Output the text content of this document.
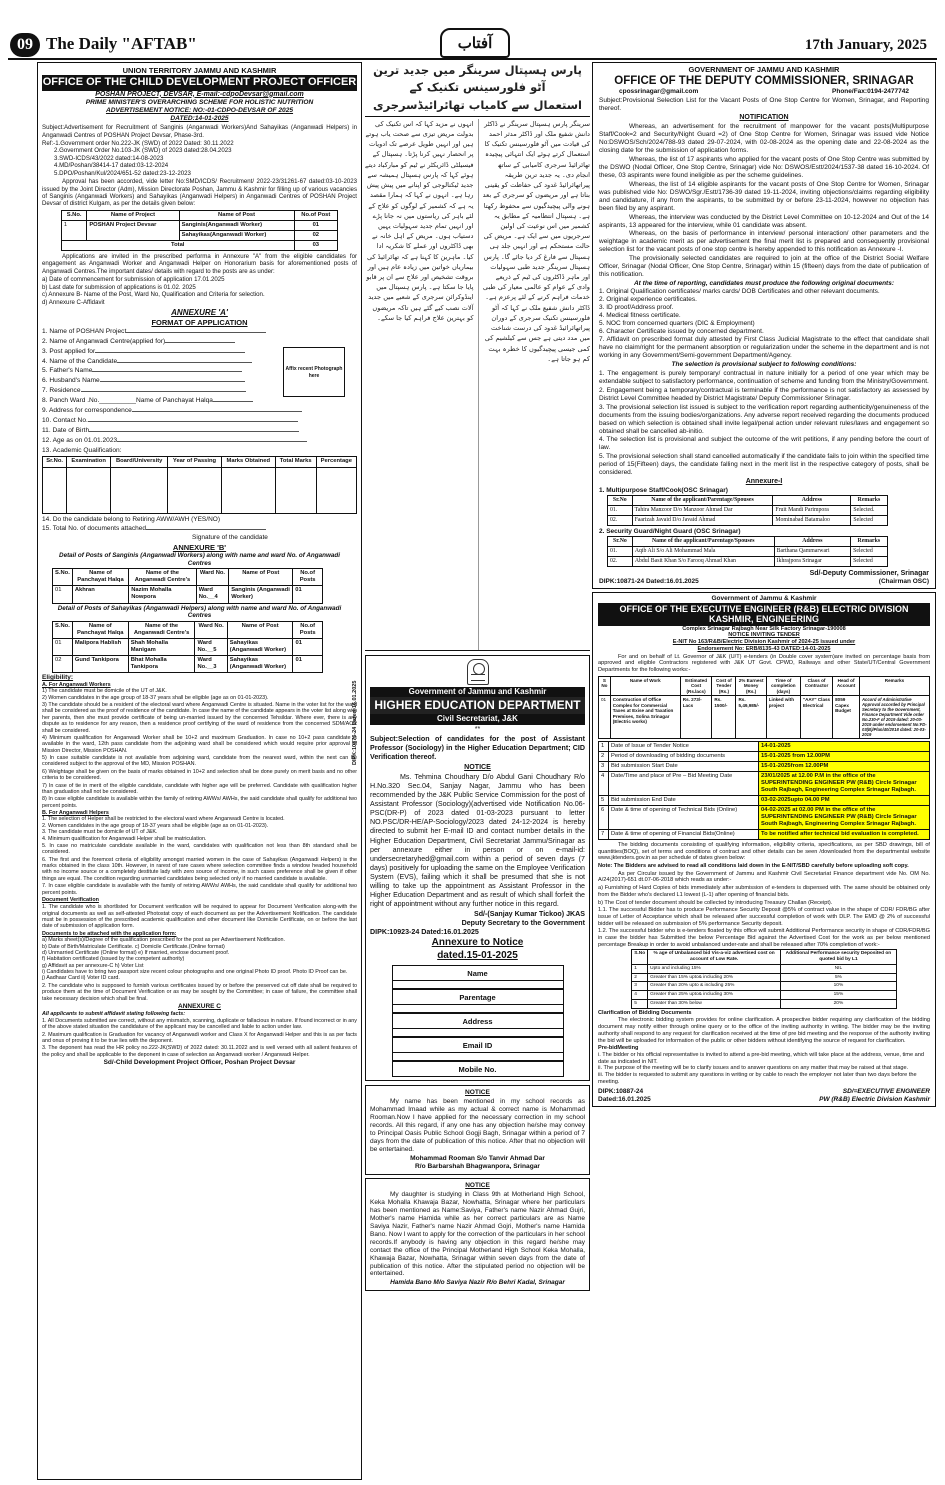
09 The Daily "AFTAB"	آفتاب	17th January, 2025
UNION TERRITORY JAMMU AND KASHMIR
OFFICE OF THE CHILD DEVELOPMENT PROJECT OFFICER
POSHAN PROJECT, DEVSAR, E-mail:-cdpoDevsar@gmail.com
PRIME MINISTER'S OVERARCHING SCHEME FOR HOLISTIC NUTRITION
ADVERTISEMENT NOTICE: NO:-01-CDPO-DEVSAR OF 2025
DATED:14-01-2025

Subject:Advertisement for Recruitment of Sanginis (Anganwadi Workers)And Sahayikas (Anganwadi Helpers) in Anganwadi Centres of POSHAN Project Devsar, Phase-3rd.

Ref:-1.Government order No.222-JK (SWD) of 2022 Dated: 30.11.2022
2.Government Order No.103-JK (SWD) of 2023 dated:28.04.2023
3.SWD-ICDS/43/2022 dated:14-08-2023
4.MD/Poshan/38414-17 dated:03-12-2024
5.DPO/Poshan/Kul/2024/651-52 dated:23-12-2023

Approval has been accorded, vide letter No:SMD/ICDS/ Recruitment/ 2022-23/31261-67 dated:03-10-2023 issued by the Joint Director (Adm), Mission Directorate Poshan, Jammu & Kashmir for filling up of various vacancies of Sanginis (Anganwadi Workers) and Sahayikas (Anganwadi Helpers) in Anganwadi Centres of POSHAN Project Devsar of district Kulgam, as per the details given below:

S.No.	Name of Project	Name of Post	No.of Post
1	POSHAN Project Devsar	Sanginis(Anganwadi Worker)	01
		Sahayikas(Anganwadi Worker)	02
Total			03

Applications are invited in the prescribed performa in Annexure "A" from the eligible candidates for engagement as Anganwadi Worker and Anganwadi Helper on Honorarium basis for aforementioned posts of Anganwadi Centres.The important dates/ details with regard to the posts are as under:

a) Date of commencement for submission of application 17.01.2025
b) Last date for submission of applications is 01.02. 2025
c) Annexure B- Name of the Post, Ward No, Qualification and Criteria for selection.
d) Annexure C-Affidavit
ANNEXURE 'A'
FORMAT OF APPLICATION
Affix recent Photograph here
1. Name of POSHAN Project
2. Name of Anganwadi Centre(applied for)
3. Post applied for
4. Name of the Candidate
5. Father's Name
6. Husband's Name
7. Residence
8. Panch Ward .No.__________Name of Panchayat Halqa
9. Address for correspondence
10. Contact No.
11. Date of Birth
12. Age as on 01.01.2023
13. Academic Qualification:
Sr.No.	Examination	Board/University	Year of Passing	Marks Obtained	Total Marks	Percentage

14. Do the candidate belong to Retiring AWW/AWH (YES/NO)
15. Total No. of documents attached
Signature of the candidate
ANNEXURE 'B'
Detail of Posts of Sanginis (Anganwadi Workers) along with name and ward No. of Anganwadi Centres
S.No.	Name of Panchayat Halqa	Name of the Anganwadi Centre's	Ward No.	Name of Post	No.of Posts
01	Akhran	Nazim Mohalla Nowpora	Ward No.__4	Sanginis (Anganwadi Worker)	01
Detail of Posts of Sahayikas (Anganwadi Helpers) along with name and ward No. of Anganwadi Centres
S.No.	Name of Panchayat Halqa	Name of the Anganwadi Centre's	Ward No.	Name of Post	No.of Posts
01	Malipora Hablish	Shah Mohalla Manigam	Ward No.__5	Sahayikas (Anganwadi Worker)	01
02	Gund Tankipora	Bhat Mohalla Tankipora	Ward No.__3	Sahayikas (Anganwadi Worker)	01
Eligibility:
A. For Anganwadi Workers
1) The candidate must be domicile of the UT of J&K.
2) Women candidates in the age group of 18-37 years shall be eligible (age as on 01-01-2023).

3) The candidate should be a resident of the electoral ward where Anganwadi Centre is situated. Name in the voter list for the ward shall be considered as the proof of residence of the candidate. In case the name of the candidate appears in the voter list along with her parents, then she must provide certificate of being un-married issued by the concerned Tehsildar. Where ever, there is any dispute as to residence for any reason, then a residence proof certifying of the ward of residence from the concerned SDM/ACR shall be considered.

4) Minimum qualification for Anganwadi Worker shall be 10+2 and maximum Graduation. In case no 10+2 pass candidate is available in the ward, 12th pass candidate from the adjoining ward shall be considered which would require prior approval of Mission Director, Mission POSHAN.

5) In case suitable candidate is not available from adjoining ward, candidate from the nearest ward, within the next can be considered subject to the approval of the MD, Mission POSHAN.

6) Weightage shall be given on the basis of marks obtained in 10+2 and selection shall be done purely on merit basis and no other criteria to be considered.

7) In case of tie in merit of the eligible candidate, candidate with higher age will be preferred. Candidate with qualification higher than graduation shall not be considered.

8) In case eligible candidate is available within the family of retiring AWWs/ AWHs, the said candidate shall qualify for additional two percent points.

B. For Anganwadi Helpers
1. The selection of Helper shall be restricted to the electoral ward where Anganwadi Centre is located.
2. Women candidates in the age group of 18-37 years shall be eligible (age as on 01-01-2023).
3. The candidate must be domicile of UT of J&K.
4. Minimum qualification for Anganwadi Helper shall be matriculation.

5. In case no matriculate candidate available in the ward, candidates with qualification not less than 8th standard shall be considered.

6. The first and the foremost criteria of eligibility amongst married women in the case of Sahayikas (Anganwadi Helpers) is the marks obtained in the class 10th. However, in rarest of rare cases where selection committee finds a window headed household with no income source or a completely destitute lady with zero source of income, in such cases preference shall be given if other things are equal. The condition regarding unmarried candidates being selected only if no married candidate is available.

7. In case eligible candidate is available with the family of retiring AWWs/ AWHs, the said candidate shall qualify for additional two percent points.

Document Verification

1. The candidate who is shortlisted for Document verification will be required to appear for Document Verification along-with the original documents as well as self-attested Photostat copy of each document as per the Advertisement Notification. The candidate must be in possession of the prescribed academic qualification and other document like Domicile Certificate, on or before the last date of submission of application form.

Documents to be attached with the application form:
a) Marks sheet(s)/Degree of the qualification prescribed for the post as per Advertisement Notification.
b) Date of Birth/Matriculate Certificate. c) Domicile Certificate.(Online format)
d) Unmarried Certificate (Online format) e) If married, enclose document proof.
f) Habitation certificated (issued by the competent authority)
g) Affidavit as per annexure-C h) Voter List
i) Candidates have to bring two passport size recent colour photographs and one original Photo ID proof. Photo ID Proof can be.
j) Aadhaar Card ii) Voter ID card.

2. The candidate who is supposed to furnish various certificates issued by or before the preserved cut off date shall be required to produce them at the time of Document Verification or as may be sought by the Committee; in case of failure, the committee shall take necessary decision which shall be final.

ANNEXURE C
All applicants to submit affidavit stating following facts:

1. All Documents submitted are correct, without any mismatch, scanning, duplicate or fallacious in nature. If found incorrect or in any of the above stated situation the candidature of the applicant may be cancelled and liable to action under law.

2. Maximum qualification is Graduation for vacancy of Anganwadi worker and Class X for Anganwadi Helper and this is as per facts and onus of proving it to be true lies with the deponent.

3. The deponent has read the HR policy no.222-JK(SWD) of 2022 dated: 30.11.2022 and is well versed with all salient features of the policy and shall be applicable to the deponent in case of selection as Anganwadi worker / Anganwadi Helper.

Sd/-Child Development Project Officer, Poshan Project Devsar
DIPK:10876-24 Dated:16.01.2025
پارس ہسپتال سرینگر میں جدید ترین آٹو فلورسینس تکنیک کے
استعمال سے کامیاب تھائرائیڈسرجری
انہوں نے مزید کہا کہ اس تکنیک کی بدولت مریض تیزی سے صحت یاب ہوتے ہیں اور انہیں طویل عرصے تک ادویات پر انحصار نہیں کرنا پڑتا۔ ہسپتال کے فیسیلٹی ڈائریکٹر نے ٹیم کو مبارکباد دیتے ہوئے کہا کہ پارس ہسپتال ہمیشہ سے جدید ٹیکنالوجی کو اپنانے میں پیش پیش رہا ہے۔ انہوں نے کہا کہ ہمارا مقصد یہ ہے کہ کشمیر کے لوگوں کو علاج کے لئے باہر کی ریاستوں میں نہ جانا پڑے اور انہیں تمام جدید سہولیات یہیں دستیاب ہوں۔ مریض کے اہل خانہ نے بھی ڈاکٹروں اور عملے کا شکریہ ادا کیا۔ ماہرین کا کہنا ہے کہ تھائرائیڈ کی بیماریاں خواتین میں زیادہ عام ہیں اور بروقت تشخیص اور علاج سے ان پر قابو پایا جا سکتا ہے۔ پارس ہسپتال میں اینڈوکرائن سرجری کے شعبے میں جدید آلات نصب کیے گئے ہیں تاکہ مریضوں کو بہترین علاج فراہم کیا جا سکے۔
سرینگر پارس ہسپتال سرینگر نے ڈاکٹر دانش شفیع ملک اور ڈاکٹر مدثر احمد کی قیادت میں آٹو فلورسینس تکنیک کا استعمال کرتے ہوئے ایک انتہائی پیچیدہ تھائرائیڈ سرجری کامیابی کے ساتھ انجام دی۔ یہ جدید ترین طریقہ پیراتھائرائیڈ غدود کی حفاظت کو یقینی بناتا ہے اور مریضوں کو سرجری کے بعد ہونے والی پیچیدگیوں سے محفوظ رکھتا ہے۔ ہسپتال انتظامیہ کے مطابق یہ کشمیر میں اس نوعیت کی اولین سرجریوں میں سے ایک ہے۔ مریض کی حالت مستحکم ہے اور انہیں جلد ہی ہسپتال سے فارغ کر دیا جائے گا۔ پارس ہسپتال سرینگر جدید طبی سہولیات اور ماہر ڈاکٹروں کی ٹیم کے ذریعے وادی کے عوام کو عالمی معیار کی طبی خدمات فراہم کرنے کے لئے پرعزم ہے۔ ڈاکٹر دانش شفیع ملک نے کہا کہ آٹو فلورسینس تکنیک سرجری کے دوران پیراتھائرائیڈ غدود کی درست شناخت میں مدد دیتی ہے جس سے کیلشیم کی کمی جیسی پیچیدگیوں کا خطرہ بہت کم ہو جاتا ہے۔
Government of Jammu and Kashmir
HIGHER EDUCATION DEPARTMENT
Civil Secretariat, J&K
**

Subject:Selection of candidates for the post of Assistant Professor (Sociology) in the Higher Education Department; CID Verification thereof.

NOTICE

Ms. Tehmina Choudhary D/o Abdul Gani Choudhary R/o H.No.320 Sec.04, Sanjay Nagar, Jammu who has been recommended by the J&K Public Service Commission for the post of Assistant Professor (Sociology)(advertised vide Notification No.06-PSC(DR-P) of 2023 dated 01-03-2023 pursuant to letter NO.PSC/DR-HE/AP-Sociology/2023 dated 24-12-2024 is hereby directed to submit her E-mail ID and contact number details in the Higher Education Department, Civil Secretariat Jammu/Srinagar as per annexure either in person or on e-mail-id: undersecretaryhed@gmail.com within a period of seven days (7 days) positively for uploading the same on the Employee Verification System (EVS), failing which it shall be presumed that she is not willing to take up the appointment as Assistant Professor in the Higher Education Department and as result of which shall forfeit the right of appointment without any further notice in this regard.

Sd/-(Sanjay Kumar Tickoo) JKAS
Deputy Secretary to the Government
DIPK:10923-24 Dated:16.01.2025
Annexure to Notice
dated.15-01-2025
Name
Parentage
Address
Email ID
Mobile No.
NOTICE

My name has been mentioned in my school records as Mohammad Imaad while as my actual & correct name is Mohammad Rooman.Now I have applied for the necessary correction in my school records. All this regard, if any one has any objection he/she may convey to Principal Oasis Public School Gogji Bagh, Srinagar within a period of 7 days from the date of publication of this notice. After that no objection will be entertained.

Mohammad Rooman S/o Tanvir Ahmad Dar
R/o Barbarshah Bhagwanpora, Srinagar
NOTICE

My daughter is studying in Class 9th at Motherland High School, Keka Mohalla Khawaja Bazar, Nowhatta, Srinagar where her particulars has been mentioned as Name:Saviya, Father's name Nazir Ahmad Gujri, Mother's name Hamida while as her correct particulars are as Name Saviya Nazir, Father's name Nazir Ahmad Gojri, Mother's name Hamida Bano. Now I want to apply for the correction of the particulars in her school records.If anybody is having any objection in this regard he/she may contact the office of the Principal Motherland High School Keka Mohalla, Khawaja Bazar, Nowhatta, Srinagar within seven days from the date of publication of this notice. After the stipulated period no objection will be entertained.

Hamida Bano M/o Saviya Nazir R/o Behri Kadal, Srinagar
GOVERNMENT OF JAMMU AND KASHMIR
OFFICE OF THE DEPUTY COMMISSIONER, SRINAGAR
cpossrinagar@gmail.com	Phone/Fax:0194-2477742

Subject:Provisional Selection List for the Vacant Posts of One Stop Centre for Women, Srinagar, and Reporting thereof.

NOTIFICATION

Whereas, an advertisement for the recruitment of manpower for the vacant posts(Multipurpose Staff/Cook=2 and Security/Night Guard =2) of One Stop Centre for Women, Srinagar was issued vide Notice No:DSWOS/Sch/2024/788-93 dated 29-07-2024, with 02-08-2024 as the opening date and 22-08-2024 as the closing date for the submission of application forms.

Whereas, the list of 17 aspirants who applied for the vacant posts of One Stop Centre was submitted by the DSWO (Nodal Officer, One Stop Centre, Srinagar) vide No: DSWOS/Estt/2024/1537-38 dated 16-10-2024. Of these, 03 aspirants were found ineligible as per the scheme guidelines.

Whereas, the list of 14 eligible aspirants for the vacant posts of One Stop Centre for Women, Srinagar was published vide No: DSWO/Sgr./Estt/1736-39 dated 19-11-2024, inviting objections/claims regarding eligibility and candidature, if any from the aspirants, to be submitted by or before 23-11-2024, however no objection has been filed by any aspirant.

Whereas, the interview was conducted by the District Level Committee on 10-12-2024 and Out of the 14 aspirants, 13 appeared for the interview, while 01 candidate was absent.

Whereas, on the basis of performance in interview/ personal interaction/ other parameters and the weightage in academic merit as per advertisement the final merit list is prepared and consequently provisional selection list for the vacant posts of one stop centre is hereby appended to this notification as Annexure -I.

The provisionally selected candidates are required to join at the office of the District Social Welfare Officer, Srinagar (Nodal Officer, One Stop Centre, Srinagar) within 15 (fifteen) days from the date of publication of this notification.

At the time of reporting, candidates must produce the following original documents:
1. Original Qualification certificates/ marks cards/ DOB Certificates and other relevant documents.
2. Original experience certificates.
3. ID proof/Address proof.
4. Medical fitness certificate.
5. NOC from concerned quarters (DIC & Employment)
6. Character Certificate issued by concerned department.

7. Affidavit on prescribed format duly attested by First Class Judicial Magistrate to the effect that candidate shall have no claim/right for the permanent absorption or regularization under the scheme in the department and is not working in any Government/Semi-government Department/Agency.

The selection is provisional subject to following conditions:

1. The engagement is purely temporary/ contractual in nature initially for a period of one year which may be extendable subject to satisfactory performance, continuation of scheme and funding from the Ministry/Government.

2. Engagement being a temporary/contractual is terminable if the performance is not satisfactory as assessed by District Level Committee headed by District Magistrate/ Deputy Commissioner Srinagar.

3. The provisional selection list issued is subject to the verification report regarding authenticity/genuineness of the documents from the issuing bodies/organizations. Any adverse report received regarding the documents produced based on which selection is obtained shall invite legal/penal action under relevant rules/laws and engagement so obtained shall be cancelled ab-initio.

4. The selection list is provisional and subject the outcome of the writ petitions, if any pending before the court of law.

5. The provisional selection shall stand cancelled automatically if the candidate fails to join within the specified time period of 15(Fifteen) days, the candidate falling next in the merit list in the respective category of posts, shall be considered.

Annexure-I
1. Multipurpose Staff/Cook(OSC Srinagar)
Sr.No	Name of the applicant/Parentage/Spouses	Address	Remarks
01.	Tahira Manzoor D/o Manzoor Ahmad Dar	Fruit Mandi Parimpora	Selected.
02.	Faarizah Javaid D/o Javaid Ahmad	Mominabad Batamaloo	Selected
2. Security Guard/Night Guard (OSC Srinagar)
Sr.No	Name of the applicant/Parentage/Spouses	Address	Remarks
01.	Aqib Ali S/o Ali Mohammad Mala	Barthana Qammarwari	Selected
02.	Abdul Basit Khan S/o Farooq Ahmad Khan	Ikhrajpora Srinagar	Selected
Sd/-Deputy Commissioner, Srinagar
DIPK:10871-24 Dated:16.01.2025	(Chairman OSC)
Government of Jammu & Kashmir
OFFICE OF THE EXECUTIVE ENGINEER (R&B) ELECTRIC DIVISION KASHMIR, ENGINEERING
Complex Srinagar Rajbagh Near Silk Factory Srinagar-190008
NOTICE INVITING TENDER
E-NIT No 163/R&B/Electric Division Kashmir of 2024-25 issued under
Endorsement No: ERB/8135-43 DATED:14-01-2025

For and on behalf of Lt. Governor of J&K (U/T) e-tenders (in Double cover system)are invited on percentage basis from approved and eligible Contractors registered with J&K UT Govt. CPWD, Railways and other State/UT/Central Government Departments for the following works:-

S No	Name of Work	Estimated Cost (Rs.lacs)	Cost of Tender (Rs.)	2% Earnest Money (Rs.)	Time of completion (days)	Class of Contractor	Head of Account	Remarks
01	Construction of Office Complex for Commercial Taxes at Exise and Taxation Premises, Solina Srinagar (Electric works)	Rs. 273/- Lacs	Rs. 1500/-	Rs. 5,49,985/-	Linked with project	"AAY" Class Electrical	8059 Capex Budget	Accord of Administrative Approval accorded by Principal Secretary to the Government, Finance Department Vide order No.230-F of 2019 dated: 20-03-2019 under endorsement No:FD-03(B)/Plan/40/2018 dated: 20-03-2019
1	Date of Issue of Tender Notice	14-01-2025
2	Period of downloading of bidding documents	15-01-2025 from 12.00PM
3	Bid submission Start Date	15-01-2025from 12.00PM
4	Date/Time and place of Pre – Bid Meeting Date	23/01/2025 at 12.00 P.M in the office of the SUPERINTENDING ENGINEER PW (R&B) Circle Srinagar South Rajbagh, Engineering Complex Srinagar Rajbagh.
5	Bid submission End Date	03-02-2025upto 04.00 PM
6	Date & time of opening of Technical Bids (Online)	04-02-2025 at 02.00 PM in the office of the SUPERINTENDING ENGINEER PW (R&B) Circle Srinagar South Rajbagh, Engineering Complex Srinagar Rajbagh.
7	Date & time of opening of Financial Bids(Online)	To be notified after technical bid evaluation is completed.

The bidding documents consisting of qualifying information, eligibility criteria, specifications, as per SBD drawings, bill of quantities(BOQ), set of terms and conditions of contract and other details can be seen /downloaded from the departmental website www.jktenders.gov.in as per schedule of dates given below:

Note: The Bidders are advised to read all conditions laid down in the E-NIT/SBD carefully before uploading soft copy.

As per Circular issued by the Government of Jammu and Kashmir Civil Secretariat Finance department vide No. OM No. A/24(2017)-651 dt.07-06-2018 which reads as under:-

a) Furnishing of Hard Copies of bids immediately after submission of e-tenders is dispensed with. The same should be obtained only from the Bidder who's declared L1 lowest (L-1) after opening of financial bids.

b) The Cost of tender document should be collected by introducing Treasury Challan (Receipt).

1.1. The successful Bidder has to produce Performance Security Deposit @5% of contract value in the shape of CDR/ FDR/BG after issue of Letter of Acceptance which shall be released after successful completion of work with DLP. The EMD @ 2% of successful bidder will be released on submission of 5% performance Security deposit.

1.2. The successful bidder who is e-tenders floated by this office will submit Additional Performance security in shape of CDR/FDR/BG in case the bidder has Submitted the below Percentage Bid against the Advertised Cost for the work as per below mentioned percentage Breakup in order to avoid unbalanced under-rate and shall be released after 70% completion of work:-

S.No	% age of Unbalanced bid Vis-a-viz advertised cost on account of Low Rate.	Additional Performance security Deposited on quoted bid by L1
1	Upto and including 15%	NIL
2	Greater than 15% upto& including 20%	5%
3	Greater than 20% upto & including 25%	10%
4	Greater than 25% upto& including 30%	15%
5	Greater than 30% below	20%
Clarification of Bidding Documents

The electronic bidding system provides for online clarification. A prospective bidder requiring any clarification of the bidding document may notify either through online query or to the office of the inviting authority in writing. The bidder may be the inviting authority shall respond to any request for clarification received at the time of pre bid meeting and the response of the authority inviting the bid will be uploaded for information of the public or other bidders without identifying the source of request for clarification.

Pre-bidMeeting
i. The bidder or his official representative is invited to attend a pre-bid meeting, which will take place at the address, venue, time and date as indicated in NIT.
ii. The purpose of the meeting will be to clarify issues and to answer questions on any matter that may be raised at that stage.
iii. The bidder is requested to submit any questions in writing or by cable to reach the employer not later than two days before the meeting.
DIPK:10887-24
Dated:16.01.2025
SD/=EXECUTIVE ENGINEER
PW (R&B) Electric Division Kashmir
